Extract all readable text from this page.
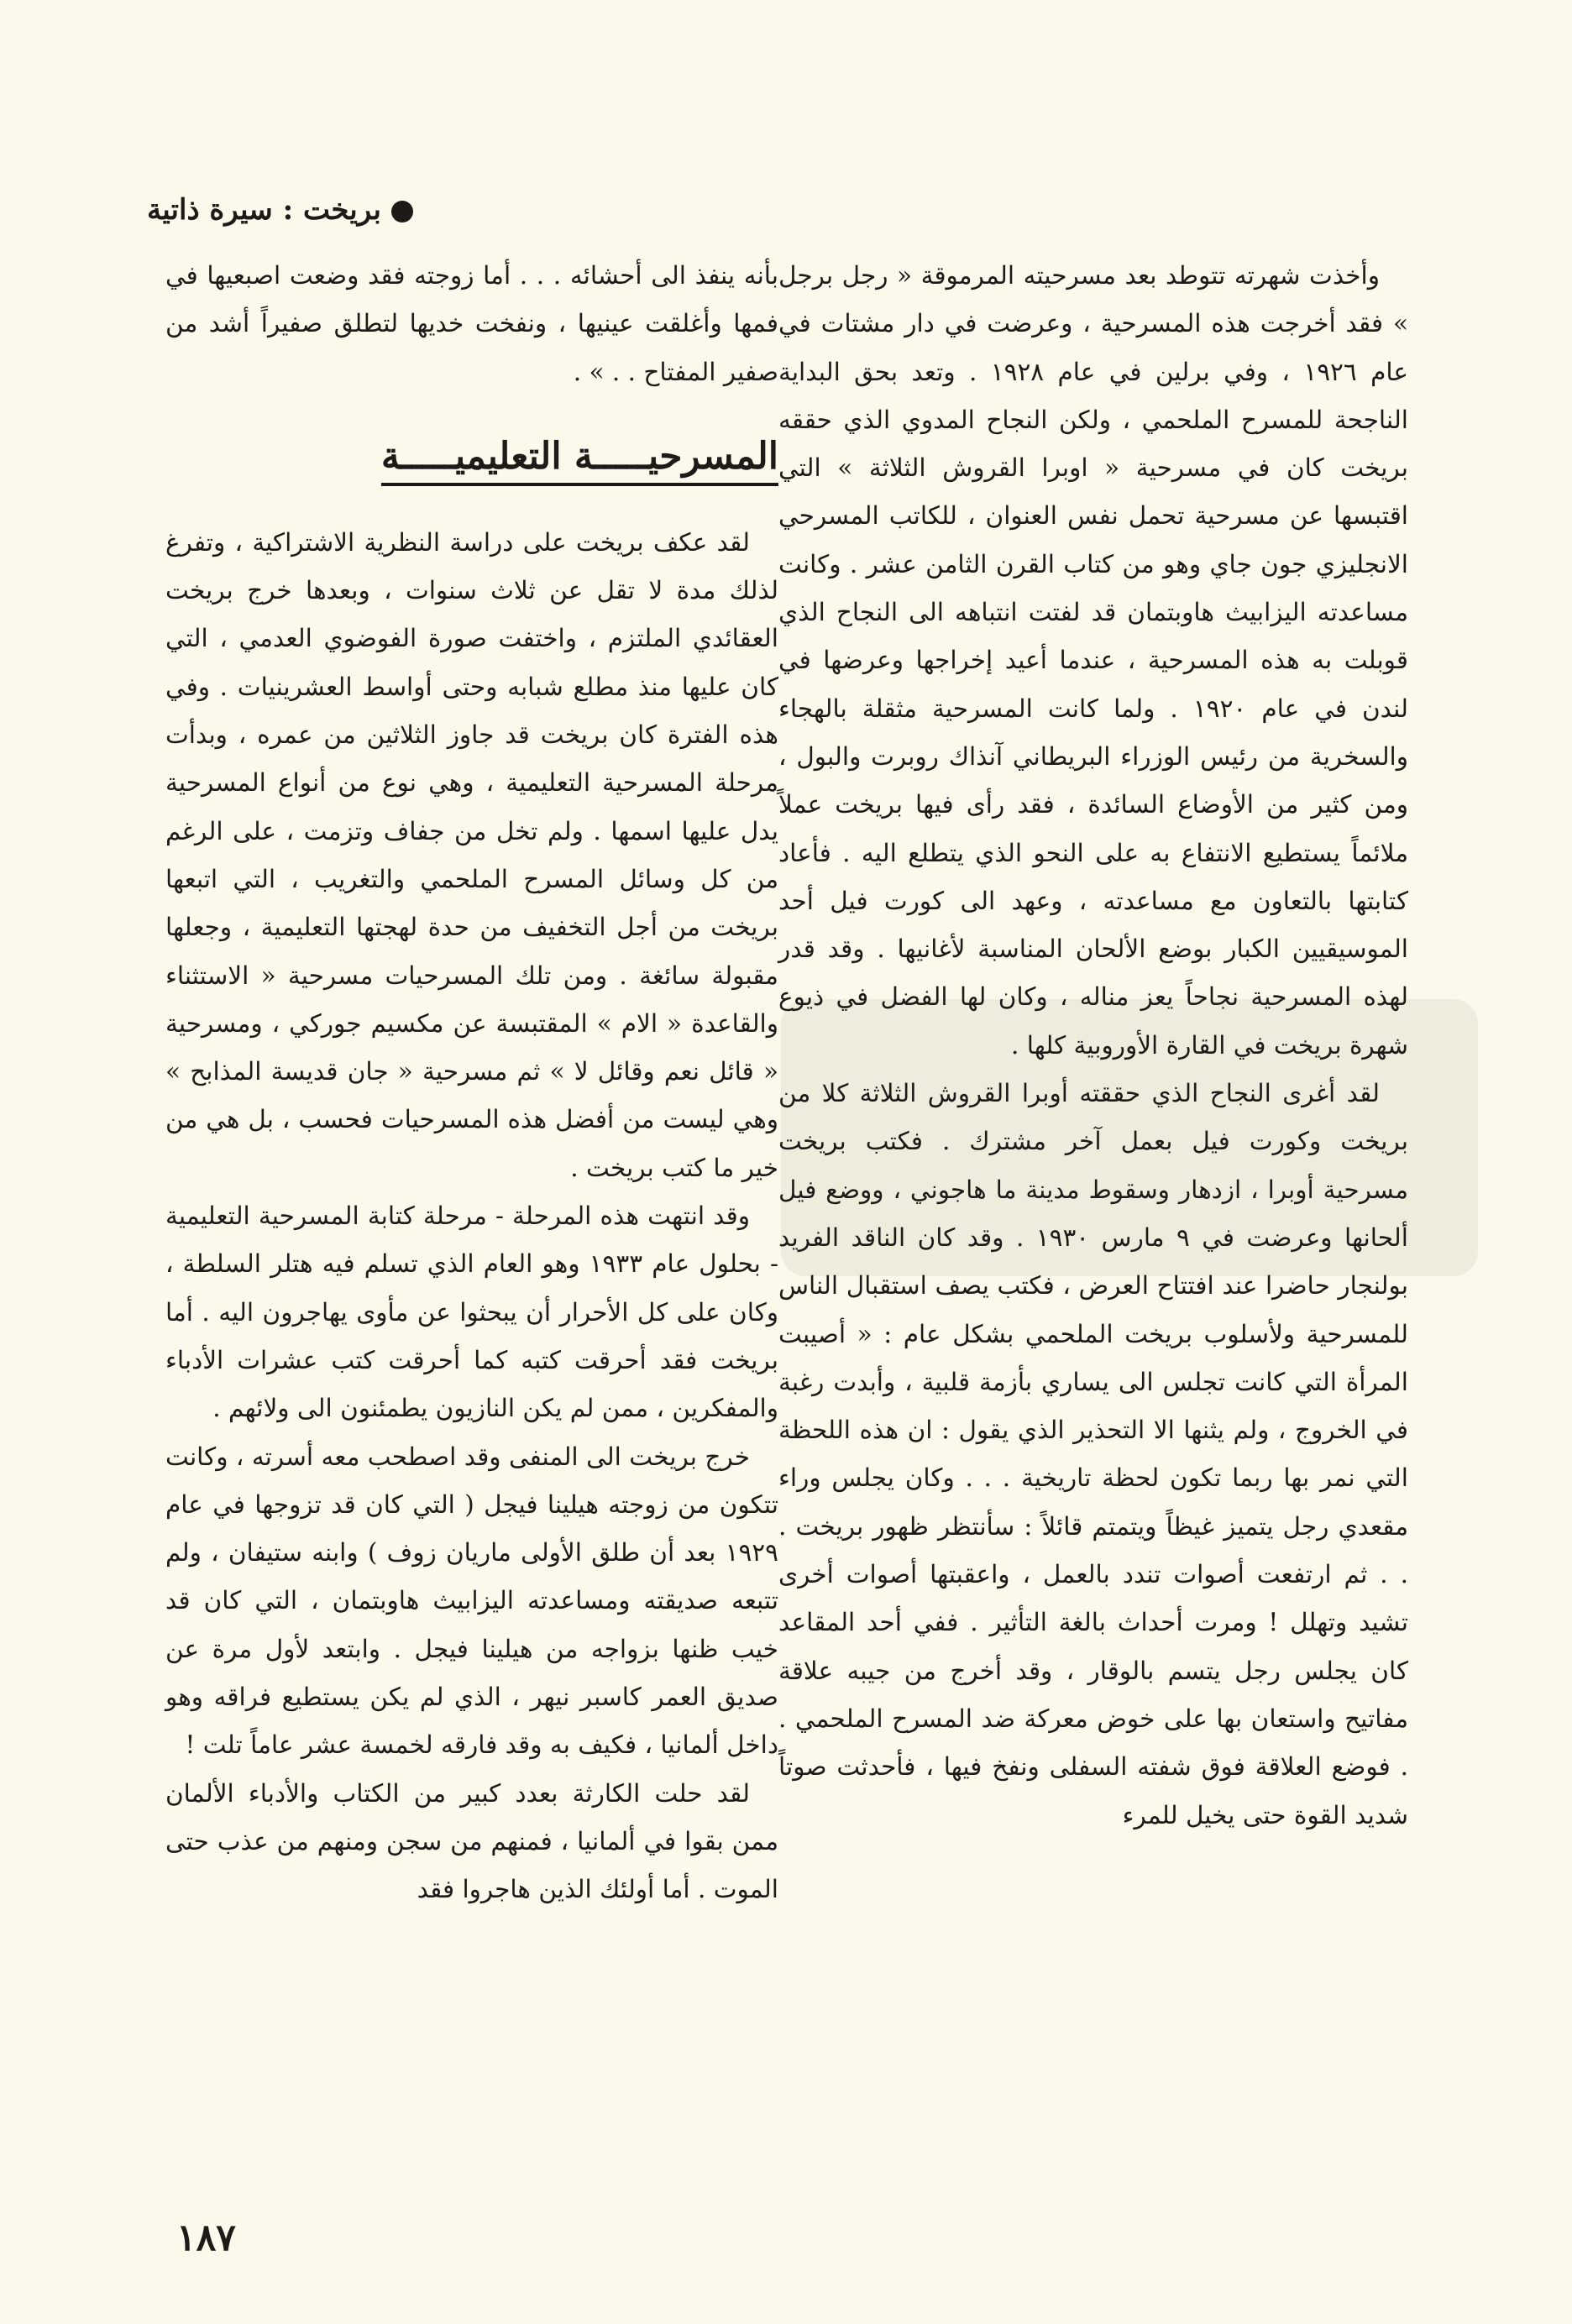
بريخت : سيرة ذاتية

وأخذت شهرته تتوطد بعد مسرحيته المرموقة « رجل برجل » فقد أخرجت هذه المسرحية ، وعرضت في دار مشتات في عام ١٩٢٦ ، وفي برلين في عام ١٩٢٨ . وتعد بحق البداية الناجحة للمسرح الملحمي ، ولكن النجاح المدوي الذي حققه بريخت كان في مسرحية « اوبرا القروش الثلاثة » التي اقتبسها عن مسرحية تحمل نفس العنوان ، للكاتب المسرحي الانجليزي جون جاي وهو من كتاب القرن الثامن عشر . وكانت مساعدته اليزابيث هاوبتمان قد لفتت انتباهه الى النجاح الذي قوبلت به هذه المسرحية ، عندما أعيد إخراجها وعرضها في لندن في عام ١٩٢٠ . ولما كانت المسرحية مثقلة بالهجاء والسخرية من رئيس الوزراء البريطاني آنذاك روبرت والبول ، ومن كثير من الأوضاع السائدة ، فقد رأى فيها بريخت عملاً ملائماً يستطيع الانتفاع به على النحو الذي يتطلع اليه . فأعاد كتابتها بالتعاون مع مساعدته ، وعهد الى كورت فيل أحد الموسيقيين الكبار بوضع الألحان المناسبة لأغانيها . وقد قدر لهذه المسرحية نجاحاً يعز مناله ، وكان لها الفضل في ذيوع شهرة بريخت في القارة الأوروبية كلها .

لقد أغرى النجاح الذي حققته أوبرا القروش الثلاثة كلا من بريخت وكورت فيل بعمل آخر مشترك . فكتب بريخت مسرحية أوبرا ، ازدهار وسقوط مدينة ما هاجوني ، ووضع فيل ألحانها وعرضت في ٩ مارس ١٩٣٠ . وقد كان الناقد الفريد بولنجار حاضرا عند افتتاح العرض ، فكتب يصف استقبال الناس للمسرحية ولأسلوب بريخت الملحمي بشكل عام : « أصيبت المرأة التي كانت تجلس الى يساري بأزمة قلبية ، وأبدت رغبة في الخروج ، ولم يثنها الا التحذير الذي يقول : ان هذه اللحظة التي نمر بها ربما تكون لحظة تاريخية . . . وكان يجلس وراء مقعدي رجل يتميز غيظاً ويتمتم قائلاً : سأنتظر ظهور بريخت . . . ثم ارتفعت أصوات تندد بالعمل ، واعقبتها أصوات أخرى تشيد وتهلل ! ومرت أحداث بالغة التأثير . ففي أحد المقاعد كان يجلس رجل يتسم بالوقار ، وقد أخرج من جيبه علاقة مفاتيح واستعان بها على خوض معركة ضد المسرح الملحمي . . فوضع العلاقة فوق شفته السفلى ونفخ فيها ، فأحدثت صوتاً شديد القوة حتى يخيل للمرء

بأنه ينفذ الى أحشائه . . . أما زوجته فقد وضعت اصبعيها في فمها وأغلقت عينيها ، ونفخت خديها لتطلق صفيراً أشد من صفير المفتاح . . » .

المسرحيـــــة التعليميـــــة

لقد عكف بريخت على دراسة النظرية الاشتراكية ، وتفرغ لذلك مدة لا تقل عن ثلاث سنوات ، وبعدها خرج بريخت العقائدي الملتزم ، واختفت صورة الفوضوي العدمي ، التي كان عليها منذ مطلع شبابه وحتى أواسط العشرينيات . وفي هذه الفترة كان بريخت قد جاوز الثلاثين من عمره ، وبدأت مرحلة المسرحية التعليمية ، وهي نوع من أنواع المسرحية يدل عليها اسمها . ولم تخل من جفاف وتزمت ، على الرغم من كل وسائل المسرح الملحمي والتغريب ، التي اتبعها بريخت من أجل التخفيف من حدة لهجتها التعليمية ، وجعلها مقبولة سائغة . ومن تلك المسرحيات مسرحية « الاستثناء والقاعدة « الام » المقتبسة عن مكسيم جوركي ، ومسرحية « قائل نعم وقائل لا » ثم مسرحية « جان قديسة المذابح » وهي ليست من أفضل هذه المسرحيات فحسب ، بل هي من خير ما كتب بريخت .

وقد انتهت هذه المرحلة - مرحلة كتابة المسرحية التعليمية - بحلول عام ١٩٣٣ وهو العام الذي تسلم فيه هتلر السلطة ، وكان على كل الأحرار أن يبحثوا عن مأوى يهاجرون اليه . أما بريخت فقد أحرقت كتبه كما أحرقت كتب عشرات الأدباء والمفكرين ، ممن لم يكن النازيون يطمئنون الى ولائهم .

خرج بريخت الى المنفى وقد اصطحب معه أسرته ، وكانت تتكون من زوجته هيلينا فيجل ( التي كان قد تزوجها في عام ١٩٢٩ بعد أن طلق الأولى ماريان زوف ) وابنه ستيفان ، ولم تتبعه صديقته ومساعدته اليزابيث هاوبتمان ، التي كان قد خيب ظنها بزواجه من هيلينا فيجل . وابتعد لأول مرة عن صديق العمر كاسبر نيهر ، الذي لم يكن يستطيع فراقه وهو داخل ألمانيا ، فكيف به وقد فارقه لخمسة عشر عاماً تلت !

لقد حلت الكارثة بعدد كبير من الكتاب والأدباء الألمان ممن بقوا في ألمانيا ، فمنهم من سجن ومنهم من عذب حتى الموت . أما أولئك الذين هاجروا فقد

١٨٧
